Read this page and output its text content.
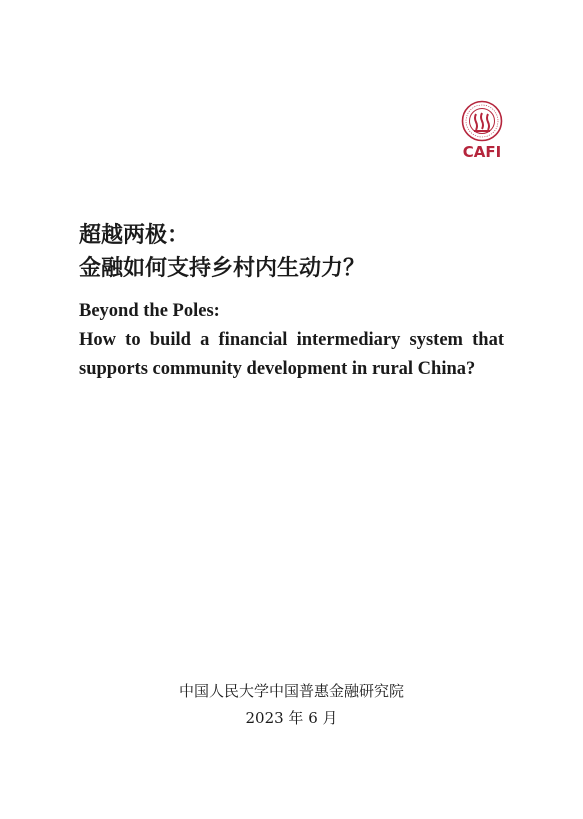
CAFI
超越两极：
金融如何支持乡村内生动力？
Beyond the Poles:
How to build a financial intermediary system that
supports community development in rural China?
中国人民大学中国普惠金融研究院
2023 年 6 月
